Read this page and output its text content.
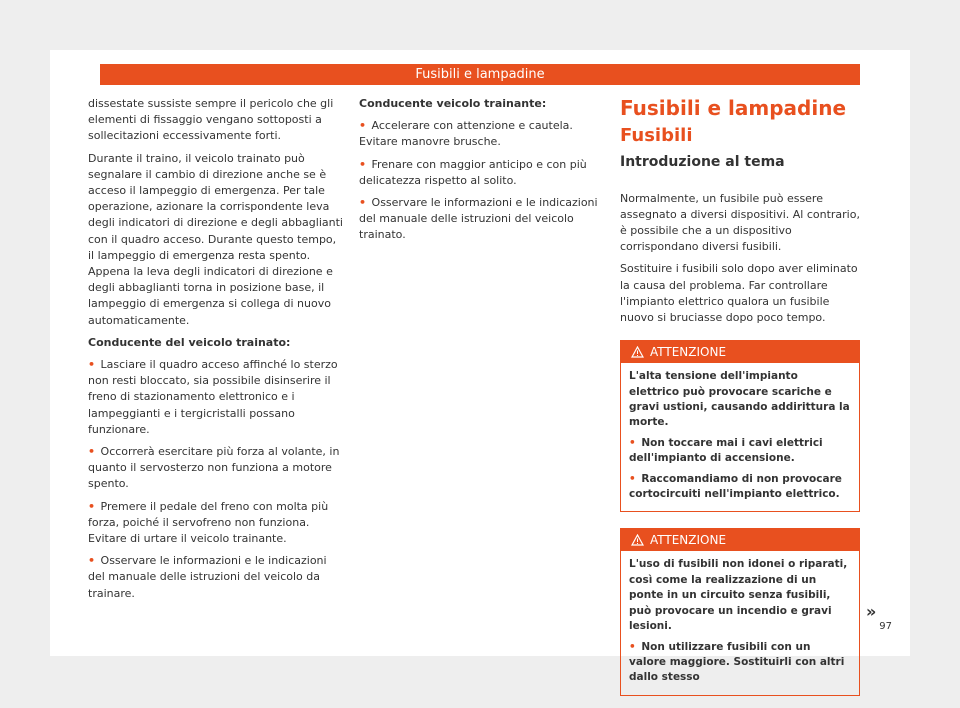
Fusibili e lampadine

dissestate sussiste sempre il pericolo che gli elementi di fissaggio vengano sottoposti a sollecitazioni eccessivamente forti.

Durante il traino, il veicolo trainato può segnalare il cambio di direzione anche se è acceso il lampeggio di emergenza. Per tale operazione, azionare la corrispondente leva degli indicatori di direzione e degli abbaglianti con il quadro acceso. Durante questo tempo, il lampeggio di emergenza resta spento. Appena la leva degli indicatori di direzione e degli abbaglianti torna in posizione base, il lampeggio di emergenza si collega di nuovo automaticamente.

Conducente del veicolo trainato:

• Lasciare il quadro acceso affinché lo sterzo non resti bloccato, sia possibile disinserire il freno di stazionamento elettronico e i lampeggianti e i tergicristalli possano funzionare.

• Occorrerà esercitare più forza al volante, in quanto il servosterzo non funziona a motore spento.

• Premere il pedale del freno con molta più forza, poiché il servofreno non funziona. Evitare di urtare il veicolo trainante.

• Osservare le informazioni e le indicazioni del manuale delle istruzioni del veicolo da trainare.

Conducente veicolo trainante:

• Accelerare con attenzione e cautela. Evitare manovre brusche.

• Frenare con maggior anticipo e con più delicatezza rispetto al solito.

• Osservare le informazioni e le indicazioni del manuale delle istruzioni del veicolo trainato.

Fusibili e lampadine
Fusibili
Introduzione al tema

Normalmente, un fusibile può essere assegnato a diversi dispositivi. Al contrario, è possibile che a un dispositivo corrispondano diversi fusibili.

Sostituire i fusibili solo dopo aver eliminato la causa del problema. Far controllare l'impianto elettrico qualora un fusibile nuovo si bruciasse dopo poco tempo.

ATTENZIONE

L'alta tensione dell'impianto elettrico può provocare scariche e gravi ustioni, causando addirittura la morte.

• Non toccare mai i cavi elettrici dell'impianto di accensione.

• Raccomandiamo di non provocare cortocircuiti nell'impianto elettrico.

ATTENZIONE

L'uso di fusibili non idonei o riparati, così come la realizzazione di un ponte in un circuito senza fusibili, può provocare un incendio e gravi lesioni.

• Non utilizzare fusibili con un valore maggiore. Sostituirli con altri dallo stesso

»
97
